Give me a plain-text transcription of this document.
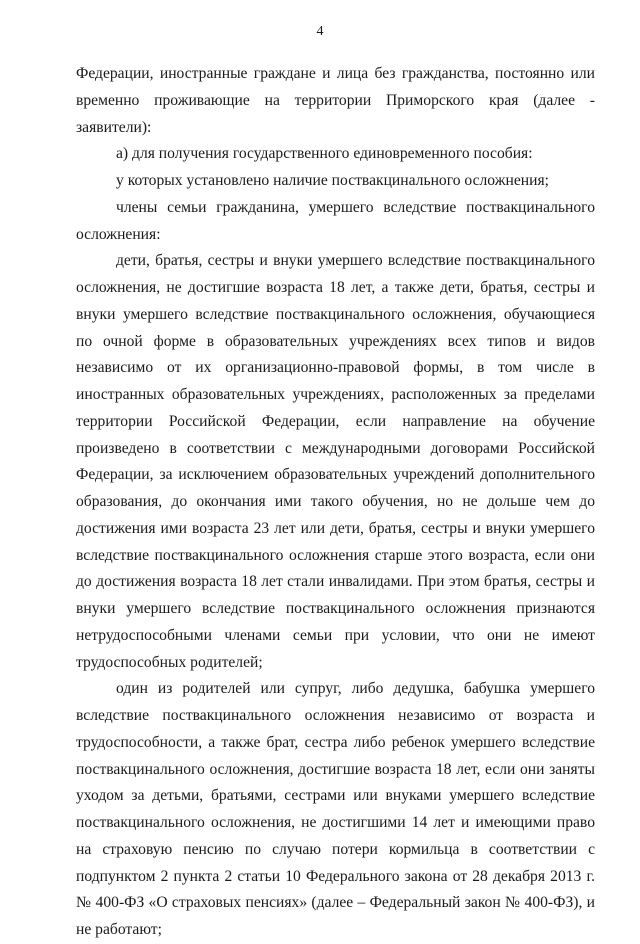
4

Федерации, иностранные граждане и лица без гражданства, постоянно или временно проживающие на территории Приморского края (далее - заявители):

а) для получения государственного единовременного пособия:

у которых установлено наличие поствакцинального осложнения;

члены семьи гражданина, умершего вследствие поствакцинального осложнения:

дети, братья, сестры и внуки умершего вследствие поствакцинального осложнения, не достигшие возраста 18 лет, а также дети, братья, сестры и внуки умершего вследствие поствакцинального осложнения, обучающиеся по очной форме в образовательных учреждениях всех типов и видов независимо от их организационно-правовой формы, в том числе в иностранных образовательных учреждениях, расположенных за пределами территории Российской Федерации, если направление на обучение произведено в соответствии с международными договорами Российской Федерации, за исключением образовательных учреждений дополнительного образования, до окончания ими такого обучения, но не дольше чем до достижения ими возраста 23 лет или дети, братья, сестры и внуки умершего вследствие поствакцинального осложнения старше этого возраста, если они до достижения возраста 18 лет стали инвалидами. При этом братья, сестры и внуки умершего вследствие поствакцинального осложнения признаются нетрудоспособными членами семьи при условии, что они не имеют трудоспособных родителей;

один из родителей или супруг, либо дедушка, бабушка умершего вследствие поствакцинального осложнения независимо от возраста и трудоспособности, а также брат, сестра либо ребенок умершего вследствие поствакцинального осложнения, достигшие возраста 18 лет, если они заняты уходом за детьми, братьями, сестрами или внуками умершего вследствие поствакцинального осложнения, не достигшими 14 лет и имеющими право на страховую пенсию по случаю потери кормильца в соответствии с подпунктом 2 пункта 2 статьи 10 Федерального закона от 28 декабря 2013 г. № 400-ФЗ «О страховых пенсиях» (далее – Федеральный закон № 400-ФЗ), и не работают;
